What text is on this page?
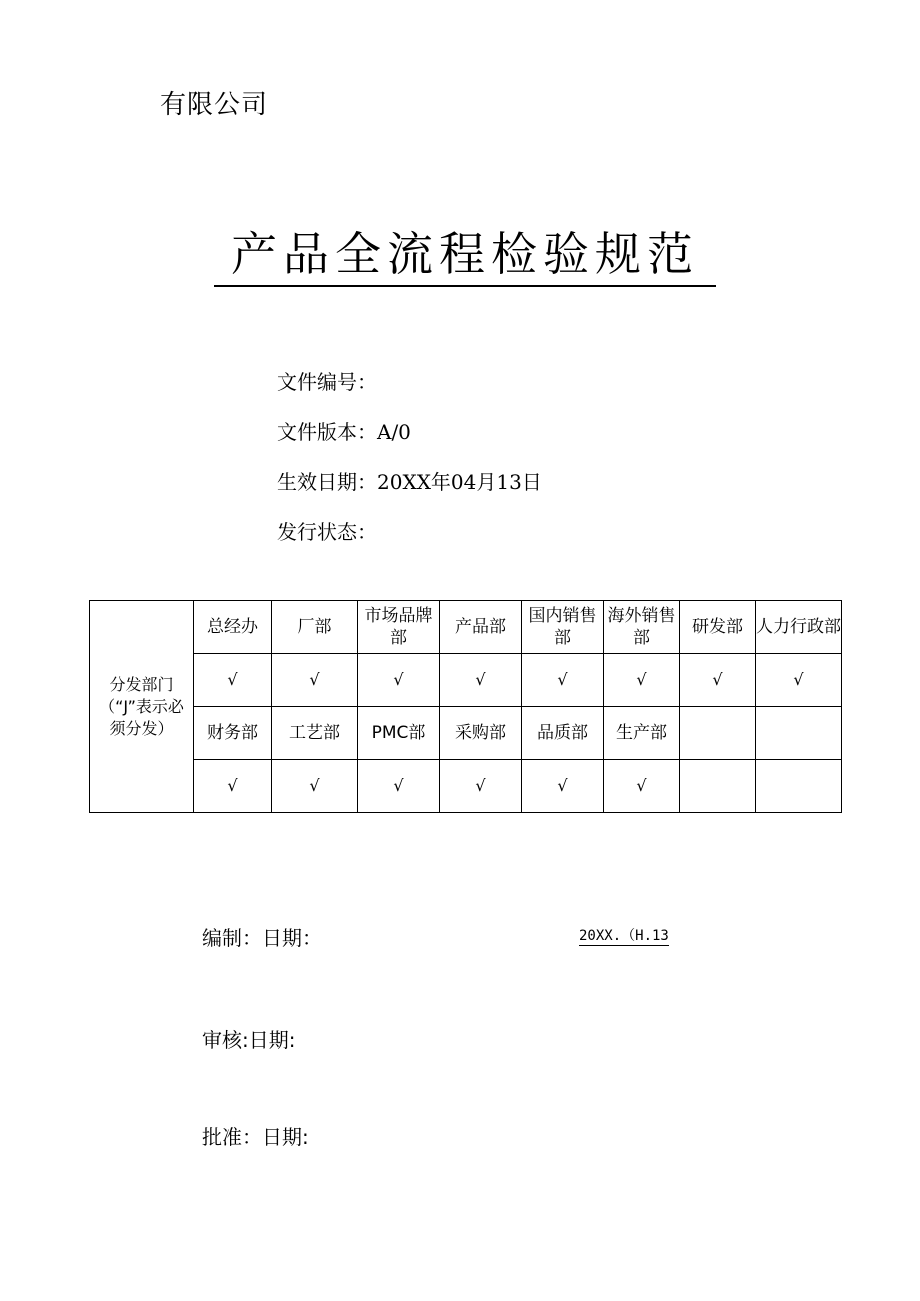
有限公司
产品全流程检验规范
文件编号：
文件版本：A/0
生效日期：20XX年04月13日
发行状态：
分发部门
（“J”表示必
须分发）	总经办	厂部	市场品牌部	产品部	国内销售部	海外销售部	研发部	人力行政部
	√	√	√	√	√	√	√	√
	财务部	工艺部	PMC部	采购部	品质部	生产部		
	√	√	√	√	√	√		
编制：日期：	20XX.（H.13
审核:日期:
批准：日期:
